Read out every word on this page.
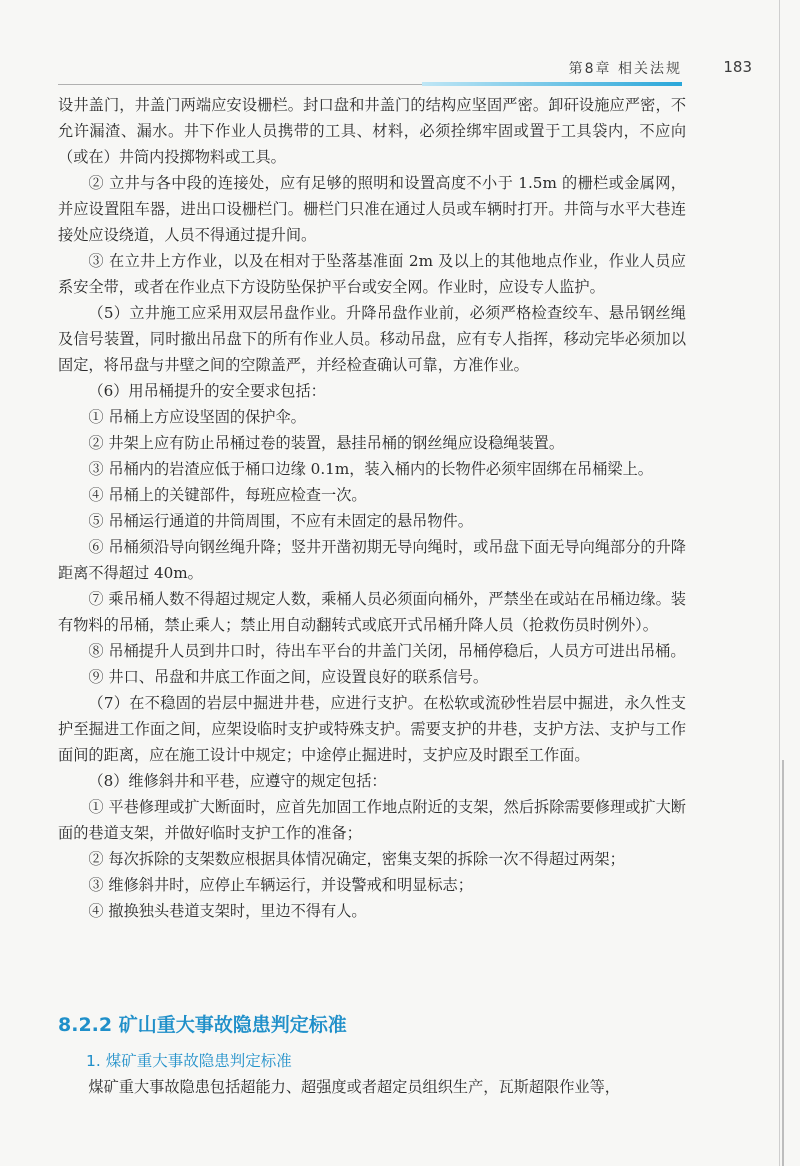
第8章 相关法规	183

设井盖门，井盖门两端应安设栅栏。封口盘和井盖门的结构应坚固严密。卸矸设施应严密，不允许漏渣、漏水。井下作业人员携带的工具、材料，必须拴绑牢固或置于工具袋内，不应向（或在）井筒内投掷物料或工具。

② 立井与各中段的连接处，应有足够的照明和设置高度不小于 1.5m 的栅栏或金属网，并应设置阻车器，进出口设栅栏门。栅栏门只准在通过人员或车辆时打开。井筒与水平大巷连接处应设绕道，人员不得通过提升间。

③ 在立井上方作业，以及在相对于坠落基准面 2m 及以上的其他地点作业，作业人员应系安全带，或者在作业点下方设防坠保护平台或安全网。作业时，应设专人监护。

（5）立井施工应采用双层吊盘作业。升降吊盘作业前，必须严格检查绞车、悬吊钢丝绳及信号装置，同时撤出吊盘下的所有作业人员。移动吊盘，应有专人指挥，移动完毕必须加以固定，将吊盘与井壁之间的空隙盖严，并经检查确认可靠，方准作业。

（6）用吊桶提升的安全要求包括：

① 吊桶上方应设坚固的保护伞。

② 井架上应有防止吊桶过卷的装置，悬挂吊桶的钢丝绳应设稳绳装置。

③ 吊桶内的岩渣应低于桶口边缘 0.1m，装入桶内的长物件必须牢固绑在吊桶梁上。

④ 吊桶上的关键部件，每班应检查一次。

⑤ 吊桶运行通道的井筒周围，不应有未固定的悬吊物件。

⑥ 吊桶须沿导向钢丝绳升降；竖井开凿初期无导向绳时，或吊盘下面无导向绳部分的升降距离不得超过 40m。

⑦ 乘吊桶人数不得超过规定人数，乘桶人员必须面向桶外，严禁坐在或站在吊桶边缘。装有物料的吊桶，禁止乘人；禁止用自动翻转式或底开式吊桶升降人员（抢救伤员时例外）。

⑧ 吊桶提升人员到井口时，待出车平台的井盖门关闭，吊桶停稳后，人员方可进出吊桶。

⑨ 井口、吊盘和井底工作面之间，应设置良好的联系信号。

（7）在不稳固的岩层中掘进井巷，应进行支护。在松软或流砂性岩层中掘进，永久性支护至掘进工作面之间，应架设临时支护或特殊支护。需要支护的井巷，支护方法、支护与工作面间的距离，应在施工设计中规定；中途停止掘进时，支护应及时跟至工作面。

（8）维修斜井和平巷，应遵守的规定包括：

① 平巷修理或扩大断面时，应首先加固工作地点附近的支架，然后拆除需要修理或扩大断面的巷道支架，并做好临时支护工作的准备；

② 每次拆除的支架数应根据具体情况确定，密集支架的拆除一次不得超过两架；

③ 维修斜井时，应停止车辆运行，并设警戒和明显标志；

④ 撤换独头巷道支架时，里边不得有人。

8.2.2 矿山重大事故隐患判定标准
1. 煤矿重大事故隐患判定标准
煤矿重大事故隐患包括超能力、超强度或者超定员组织生产，瓦斯超限作业等，
